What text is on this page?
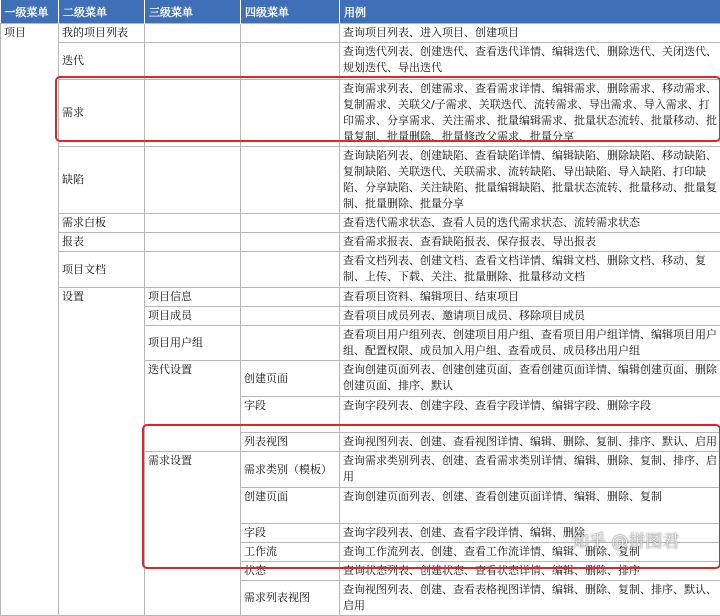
一级菜单	二级菜单	三级菜单	四级菜单	用例
项目	我的项目列表			查询项目列表、进入项目、创建项目
	迭代			查询迭代列表、创建迭代、查看迭代详情、编辑迭代、删除迭代、关闭迭代、规划迭代、导出迭代
	需求			查询需求列表、创建需求、查看需求详情、编辑需求、删除需求、移动需求、复制需求、关联父/子需求、关联迭代、流转需求、导出需求、导入需求、打印需求、分享需求、关注需求、批量编辑需求、批量状态流转、批量移动、批量复制、批量删除、批量修改父需求、批量分享
	缺陷			查询缺陷列表、创建缺陷、查看缺陷详情、编辑缺陷、删除缺陷、移动缺陷、复制缺陷、关联迭代、关联需求、流转缺陷、导出缺陷、导入缺陷、打印缺陷、分享缺陷、关注缺陷、批量编辑缺陷、批量状态流转、批量移动、批量复制、批量删除、批量分享
	需求白板			查看迭代需求状态、查看人员的迭代需求状态、流转需求状态
	报表			查看需求报表、查看缺陷报表、保存报表、导出报表
	项目文档			查看文档列表、创建文档、查看文档详情、编辑文档、删除文档、移动、复制、上传、下载、关注、批量删除、批量移动文档
	设置	项目信息		查看项目资料、编辑项目、结束项目
		项目成员		查看项目成员列表、邀请项目成员、移除项目成员
		项目用户组		查看项目用户组列表、创建项目用户组、查看项目用户组详情、编辑项目用户组、配置权限、成员加入用户组、查看成员、成员移出用户组
		迭代设置	创建页面	查询创建页面列表、创建创建页面、查看创建页面详情、编辑创建页面、删除创建页面、排序、默认
			字段	查询字段列表、创建字段、查看字段详情、编辑字段、删除字段
			列表视图	查询视图列表、创建、查看视图详情、编辑、删除、复制、排序、默认、启用
		需求设置	需求类别（模板）	查询需求类别列表、创建、查看需求类别详情、编辑、删除、复制、排序、启用
			创建页面	查询创建页面列表、创建、查看创建页面详情、编辑、删除、复制
			字段	查询字段列表、创建、查看字段详情、编辑、删除
			工作流	查询工作流列表、创建、查看工作流详情、编辑、删除、复制
			状态	查询状态列表、创建状态、查看状态详情、编辑、删除、排序
			需求列表视图	查询视图列表、创建、查看表格视图详情、编辑、删除、复制、排序、默认、启用
知乎 @拼图君
